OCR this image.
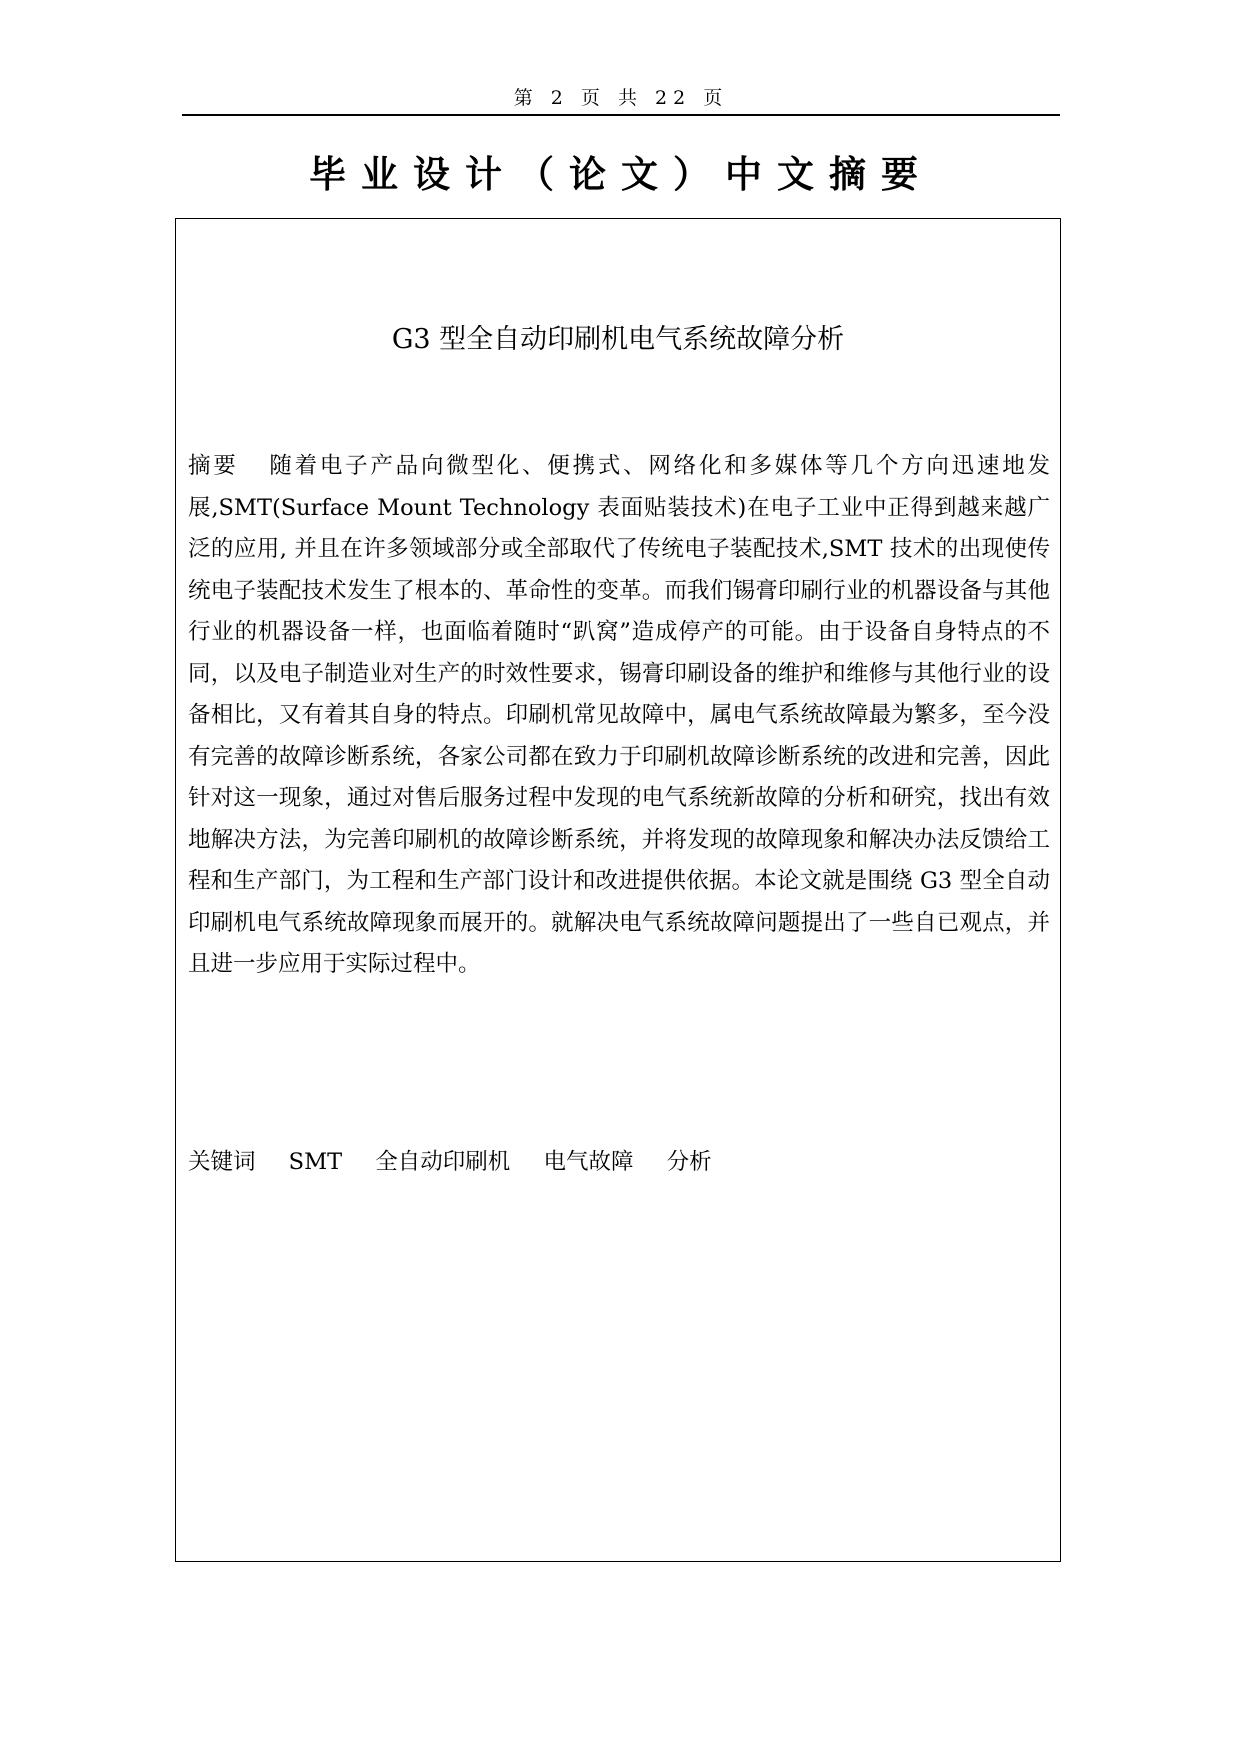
第 2 页 共 22 页
毕业设计（论文）中文摘要
G3 型全自动印刷机电气系统故障分析
摘要 随着电子产品向微型化、便携式、网络化和多媒体等几个方向迅速地发展,SMT(Surface Mount Technology 表面贴装技术)在电子工业中正得到越来越广泛的应用, 并且在许多领域部分或全部取代了传统电子装配技术,SMT 技术的出现使传统电子装配技术发生了根本的、革命性的变革。而我们锡膏印刷行业的机器设备与其他行业的机器设备一样，也面临着随时“趴窝”造成停产的可能。由于设备自身特点的不同，以及电子制造业对生产的时效性要求，锡膏印刷设备的维护和维修与其他行业的设备相比，又有着其自身的特点。印刷机常见故障中，属电气系统故障最为繁多，至今没有完善的故障诊断系统，各家公司都在致力于印刷机故障诊断系统的改进和完善，因此针对这一现象，通过对售后服务过程中发现的电气系统新故障的分析和研究，找出有效地解决方法，为完善印刷机的故障诊断系统，并将发现的故障现象和解决办法反馈给工程和生产部门，为工程和生产部门设计和改进提供依据。本论文就是围绕 G3 型全自动印刷机电气系统故障现象而展开的。就解决电气系统故障问题提出了一些自已观点，并且进一步应用于实际过程中。
关键词 SMT 全自动印刷机 电气故障 分析
